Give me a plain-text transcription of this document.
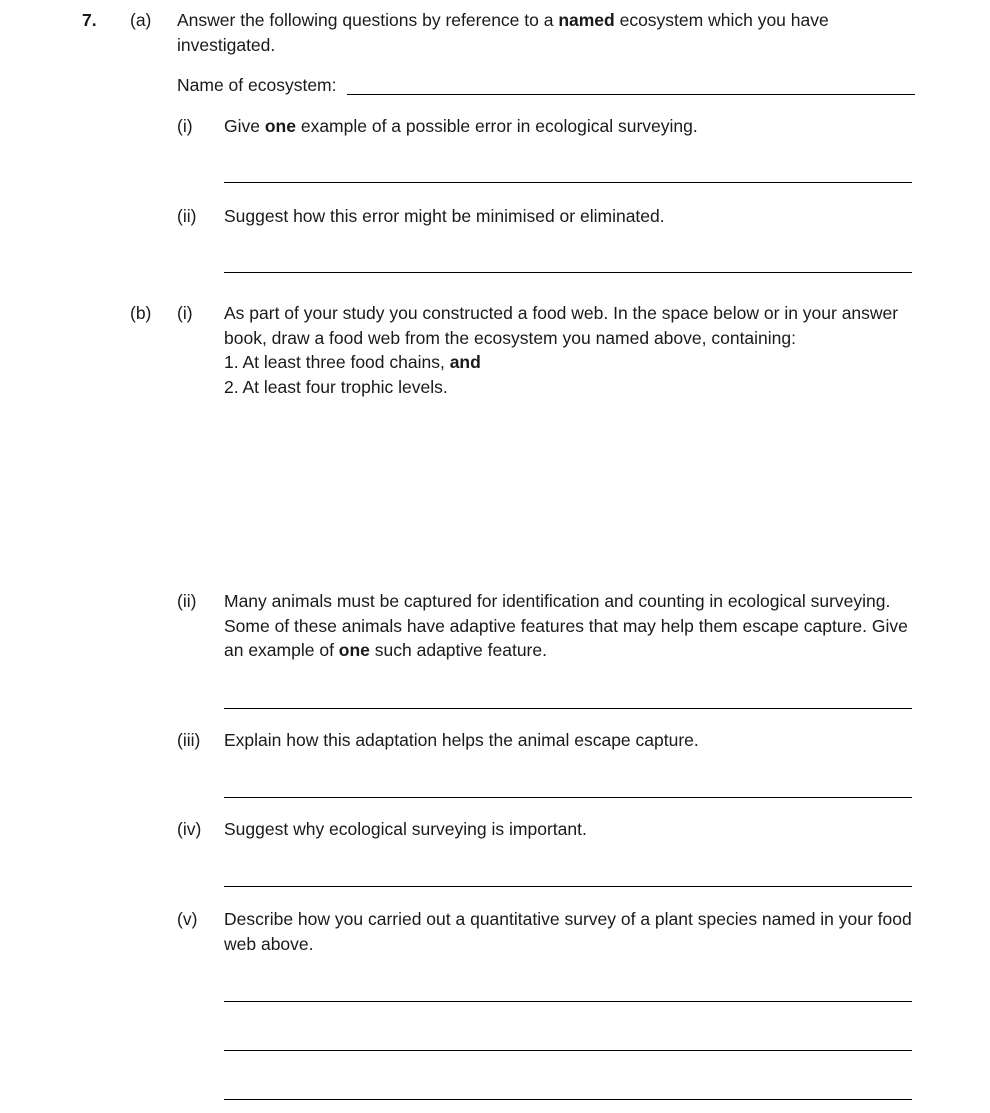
7. (a) Answer the following questions by reference to a named ecosystem which you have investigated.
Name of ecosystem:
(i) Give one example of a possible error in ecological surveying.
(ii) Suggest how this error might be minimised or eliminated.
(b) (i) As part of your study you constructed a food web. In the space below or in your answer book, draw a food web from the ecosystem you named above, containing:
1. At least three food chains, and
2. At least four trophic levels.
(ii) Many animals must be captured for identification and counting in ecological surveying. Some of these animals have adaptive features that may help them escape capture. Give an example of one such adaptive feature.
(iii) Explain how this adaptation helps the animal escape capture.
(iv) Suggest why ecological surveying is important.
(v) Describe how you carried out a quantitative survey of a plant species named in your food web above.
